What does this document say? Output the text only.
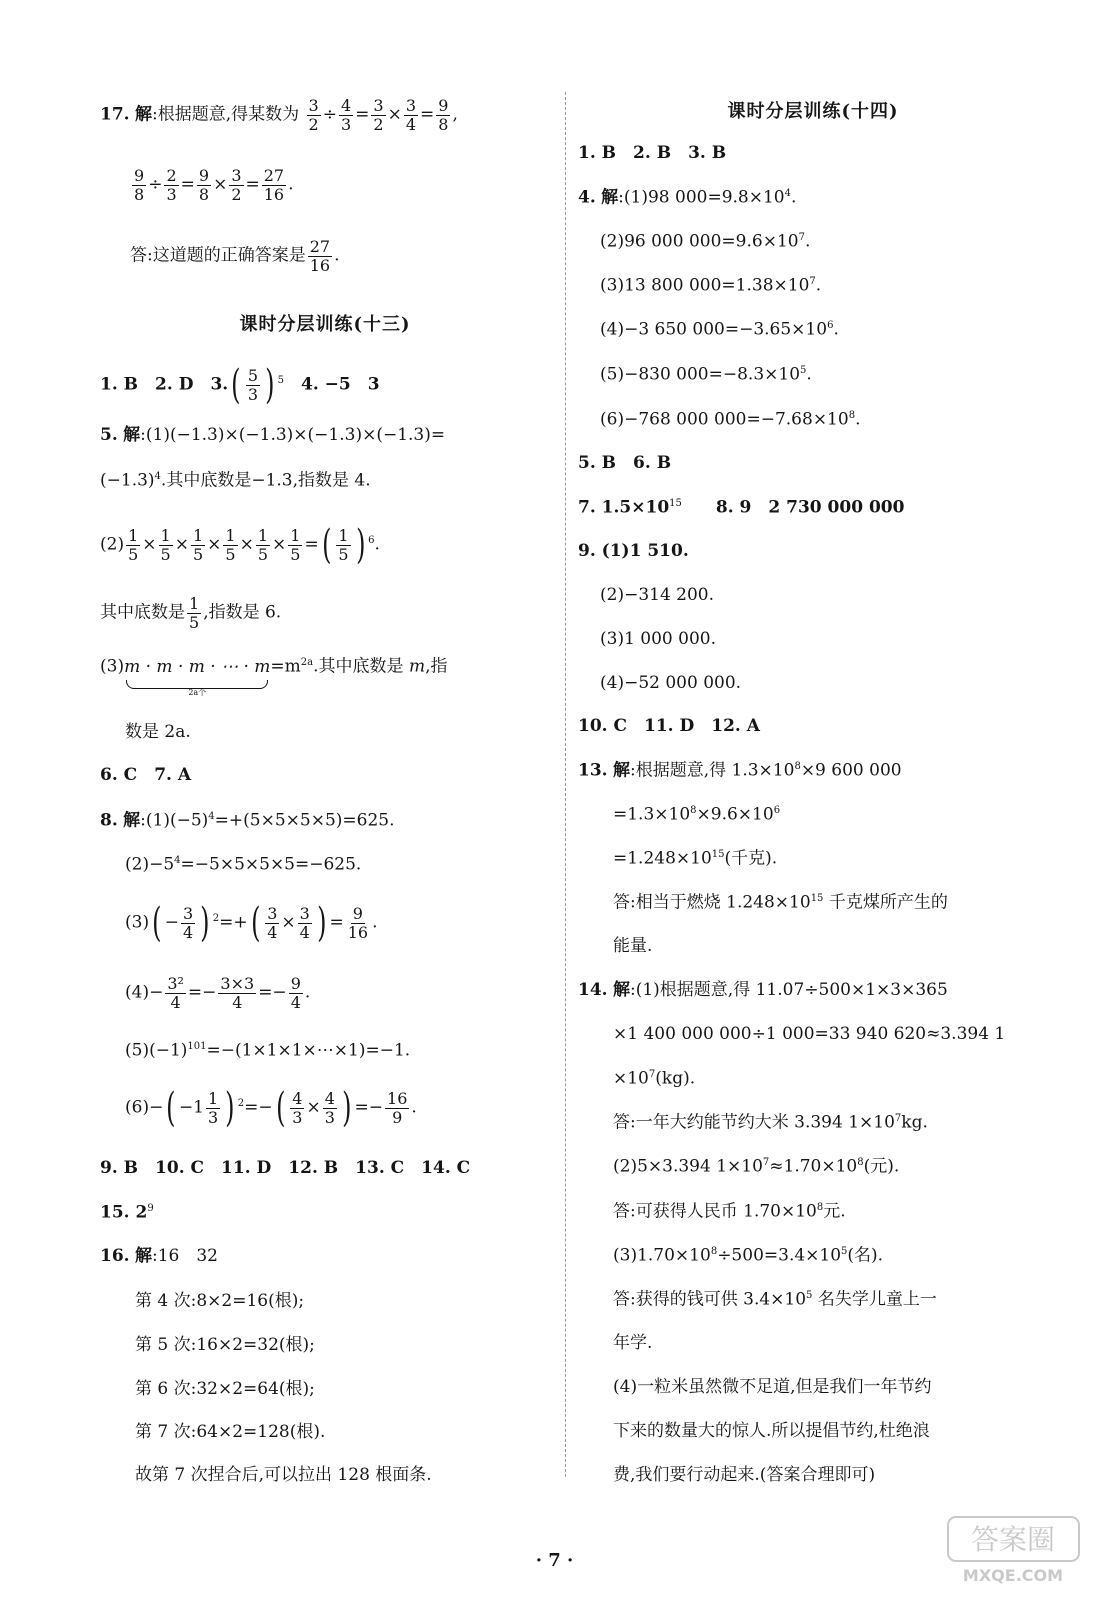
17. 解:根据题意,得某数为 $\frac{3}{2} \div \frac{4}{3} = \frac{3}{2} \times \frac{3}{4} = \frac{9}{8}$ ,
$\frac{9}{8} \div \frac{2}{3} = \frac{9}{8} \times \frac{3}{2} = \frac{27}{16}$ .
答:这道题的正确答案是 $\frac{27}{16}$ .
课时分层训练(十三)
1. B　 2. D　 $3.( \frac{5}{3}$ ) $^5$　 4. −5　3
5. 解:(1)(−1.3)×(−1.3)×(−1.3)×(−1.3)=
$(-1.3)^4$.其中底数是−1.3,指数是 4.
$(2) \frac{1}{5} \times \frac{1}{5} \times \frac{1}{5} \times \frac{1}{5} \times \frac{1}{5} \times \frac{1}{5}$ =( $\frac{1}{5}$ ) $^6$.
其中底数是 $\frac{1}{5}$ ,指数是 6.
(3)m · m · m · ⋯ · m
2a个
$=m^{2a}$.其中底数是 m,指
数是 2a.
6. C　 7. A
8. 解$:(1)(-5)^4=+(5\times 5\times 5\times 5)=625$.
$(2)-5^4=-5\times 5\times 5\times 5=-625$.
$(3)( - \frac{3}{4}$ ) $^2=+( \frac{3}{4} \times \frac{3}{4}$ ) = $\frac{9}{16}$ .
$(4)- \frac{\text{3²}}{4} =- \frac{3\times 3}{4} =- \frac{9}{4}$ .
$(5)(-1)^{101}=-(1\times 1\times 1\times\cdots\times 1)=-1$.
$(6)-( -1 \frac{1}{3}$ ) $^2=-( \frac{4}{3} \times \frac{4}{3}$ ) =− $\frac{16}{9}$ .
9. B　10. C　11. D　12. B　13. C　14. C
15. $2^9$
16. 解:16　32
第 4 次:8×2=16(根);
第 5 次:16×2=32(根);
第 6 次:32×2=64(根);
第 7 次:64×2=128(根).
故第 7 次捏合后,可以拉出 128 根面条.
课时分层训练(十四)
1. B　2. B　3. B
4. 解:(1)98 $000=9.8\times 10^4$.
(2)96 000 $000=9.6\times 10^7$.
(3)13 800 $000=1.38\times 10^7$.
(4)−3 650 $000=-3.65\times 10^6$.
(5)−830 $000=-8.3\times 10^5$.
(6)−768 000 $000=-7.68\times 10^8$.
5. B　6. B
7. $1.5\times 10^{15}$　　 8. 9　2 730 000 000
9. (1)1 510.
(2)−314 200.
(3)1 000 000.
(4)−52 000 000.
10. C　11. D　12. A
13. 解:根据题意,得 $1.3\times 10^8\times 9$ 600 000
$=1.3\times 10^8\times 9.6\times 10^6$
$=1.248\times 10^{15}$(千克).
答:相当于燃烧 $1.248\times 10^{15}$ 千克煤所产生的
能量.
14. 解:(1)根据题意,得 11.07÷500×1×3×365
×1 400 000 000÷1 000=33 940 620≈3.394 1
$\times 10^7(kg)$.
答:一年大约能节约大米 3.394 $1\times 10^7kg$.
(2)5×3.394 $1\times 10^7\approx 1.70\times 10^8$(元).
答:可获得人民币 $1.70\times 10^8$元.
$(3)1.70\times 10^8\div 500=3.4\times 10^5$(名).
答:获得的钱可供 $3.4\times 10^5$ 名失学儿童上一
年学.
(4)一粒米虽然微不足道,但是我们一年节约
下来的数量大的惊人.所以提倡节约,杜绝浪
费,我们要行动起来.(答案合理即可)
· 7 ·
答案圈
MXQE.COM
